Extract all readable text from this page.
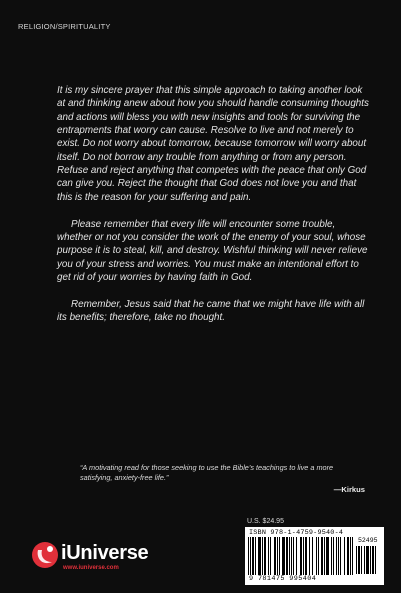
RELIGION/SPIRITUALITY

It is my sincere prayer that this simple approach to taking another look at and thinking anew about how you should handle consuming thoughts and actions will bless you with new insights and tools for surviving the entrapments that worry can cause. Resolve to live and not merely to exist. Do not worry about tomorrow, because tomorrow will worry about itself. Do not borrow any trouble from anything or from any person. Refuse and reject anything that competes with the peace that only God can give you. Reject the thought that God does not love you and that this is the reason for your suffering and pain.

Please remember that every life will encounter some trouble, whether or not you consider the work of the enemy of your soul, whose purpose it is to steal, kill, and destroy. Wishful thinking will never relieve you of your stress and worries. You must make an intentional effort to get rid of your worries by having faith in God.

Remember, Jesus said that he came that we might have life with all its benefits; therefore, take no thought.

“A motivating read for those seeking to use the Bible’s teachings to live a more satisfying, anxiety-free life.”
—Kirkus
U.S. $24.95
ISBN 978-1-4759-9540-4
52495
9 781475 995404
iUniverse
www.iuniverse.com
